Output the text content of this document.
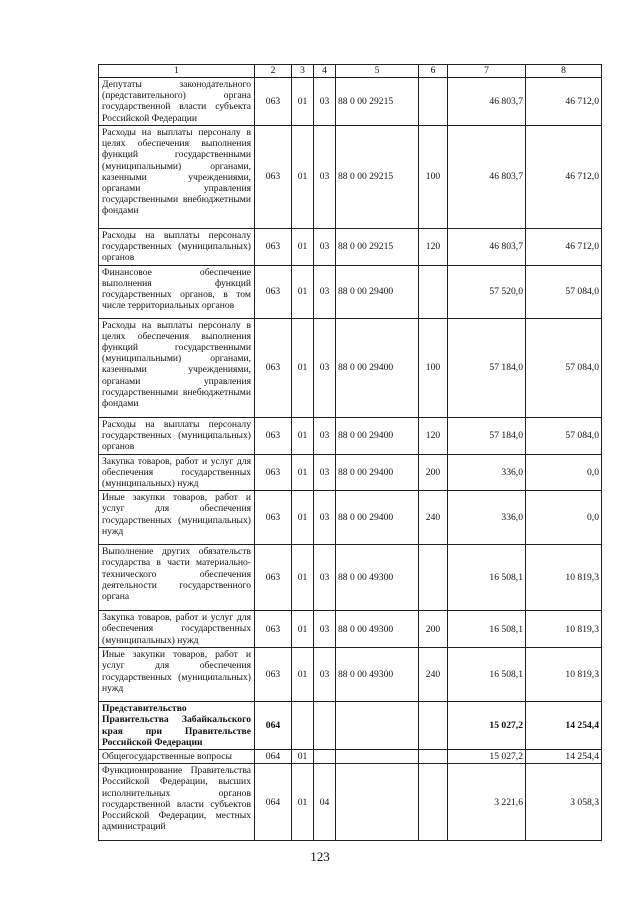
1	2	3	4	5	6	7	8
Депутаты законодательного (представительного) органа государственной власти субъекта Российской Федерации	063	01	03	88 0 00 29215		46 803,7	46 712,0
Расходы на выплаты персоналу в целях обеспечения выполнения функций государственными (муниципальными) органами, казенными учреждениями, органами управления государственными внебюджетными фондами	063	01	03	88 0 00 29215	100	46 803,7	46 712,0
Расходы на выплаты персоналу государственных (муниципальных) органов	063	01	03	88 0 00 29215	120	46 803,7	46 712,0
Финансовое обеспечение выполнения функций государственных органов, в том числе территориальных органов	063	01	03	88 0 00 29400		57 520,0	57 084,0
Расходы на выплаты персоналу в целях обеспечения выполнения функций государственными (муниципальными) органами, казенными учреждениями, органами управления государственными внебюджетными фондами	063	01	03	88 0 00 29400	100	57 184,0	57 084,0
Расходы на выплаты персоналу государственных (муниципальных) органов	063	01	03	88 0 00 29400	120	57 184,0	57 084,0
Закупка товаров, работ и услуг для обеспечения государственных (муниципальных) нужд	063	01	03	88 0 00 29400	200	336,0	0,0
Иные закупки товаров, работ и услуг для обеспечения государственных (муниципальных) нужд	063	01	03	88 0 00 29400	240	336,0	0,0
Выполнение других обязательств государства в части материально-технического обеспечения деятельности государственного органа	063	01	03	88 0 00 49300		16 508,1	10 819,3
Закупка товаров, работ и услуг для обеспечения государственных (муниципальных) нужд	063	01	03	88 0 00 49300	200	16 508,1	10 819,3
Иные закупки товаров, работ и услуг для обеспечения государственных (муниципальных) нужд	063	01	03	88 0 00 49300	240	16 508,1	10 819,3
Представительство Правительства Забайкальского края при Правительстве Российской Федерации	064					15 027,2	14 254,4
Общегосударственные вопросы	064	01				15 027,2	14 254,4
Функционирование Правительства Российской Федерации, высших исполнительных органов государственной власти субъектов Российской Федерации, местных администраций	064	01	04			3 221,6	3 058,3
123
